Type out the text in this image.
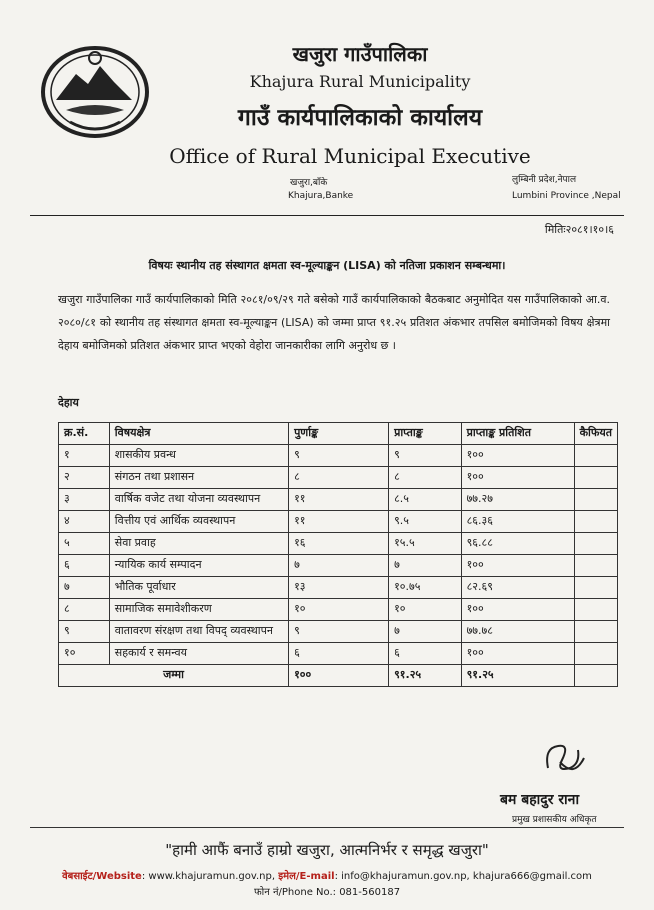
खजुरा गाउँपालिका
Khajura Rural Municipality
गाउँ कार्यपालिकाको कार्यालय
Office of Rural Municipal Executive
खजुरा,बाँके
Khajura,Banke
लुम्बिनी प्रदेश,नेपाल
Lumbini Province ,Nepal
मितिः२०८१।१०।६
विषयः स्थानीय तह संस्थागत क्षमता स्व-मूल्याङ्कन (LISA) को नतिजा प्रकाशन सम्बन्धमा।
खजुरा गाउँपालिका गाउँ कार्यपालिकाको मिति २०८१/०९/२९ गते बसेको गाउँ कार्यपालिकाको बैठकबाट अनुमोदित यस गाउँपालिकाको आ.व. २०८०/८१ को स्थानीय तह संस्थागत क्षमता स्व-मूल्याङ्कन (LISA) को जम्मा प्राप्त ९१.२५ प्रतिशत अंकभार तपसिल बमोजिमको विषय क्षेत्रमा देहाय बमोजिमको प्रतिशत अंकभार प्राप्त भएको वेहोरा जानकारीका लागि अनुरोध छ ।
देहाय
क्र.सं.	विषयक्षेत्र	पुर्णाङ्क	प्राप्ताङ्क	प्राप्ताङ्क प्रतिशित	कैफियत
१	शासकीय प्रवन्ध	९	९	१००	
२	संगठन तथा प्रशासन	८	८	१००	
३	वार्षिक वजेट तथा योजना व्यवस्थापन	११	८.५	७७.२७	
४	वित्तीय एवं आर्थिक व्यवस्थापन	११	९.५	८६.३६	
५	सेवा प्रवाह	१६	१५.५	९६.८८	
६	न्यायिक कार्य सम्पादन	७	७	१००	
७	भौतिक पूर्वाधार	१३	१०.७५	८२.६९	
८	सामाजिक समावेशीकरण	१०	१०	१००	
९	वातावरण संरक्षण तथा विपद् व्यवस्थापन	९	७	७७.७८	
१०	सहकार्य र समन्वय	६	६	१००	
जम्मा		१००	९१.२५	९१.२५	
बम बहादुर राना
प्रमुख प्रशासकीय अधिकृत
"हामी आफैं बनाउँ हाम्रो खजुरा, आत्मनिर्भर र समृद्ध खजुरा"
वेबसाईट/Website: www.khajuramun.gov.np, इमेल/E-mail: info@khajuramun.gov.np, khajura666@gmail.com
फोन नं/Phone No.: 081-560187
